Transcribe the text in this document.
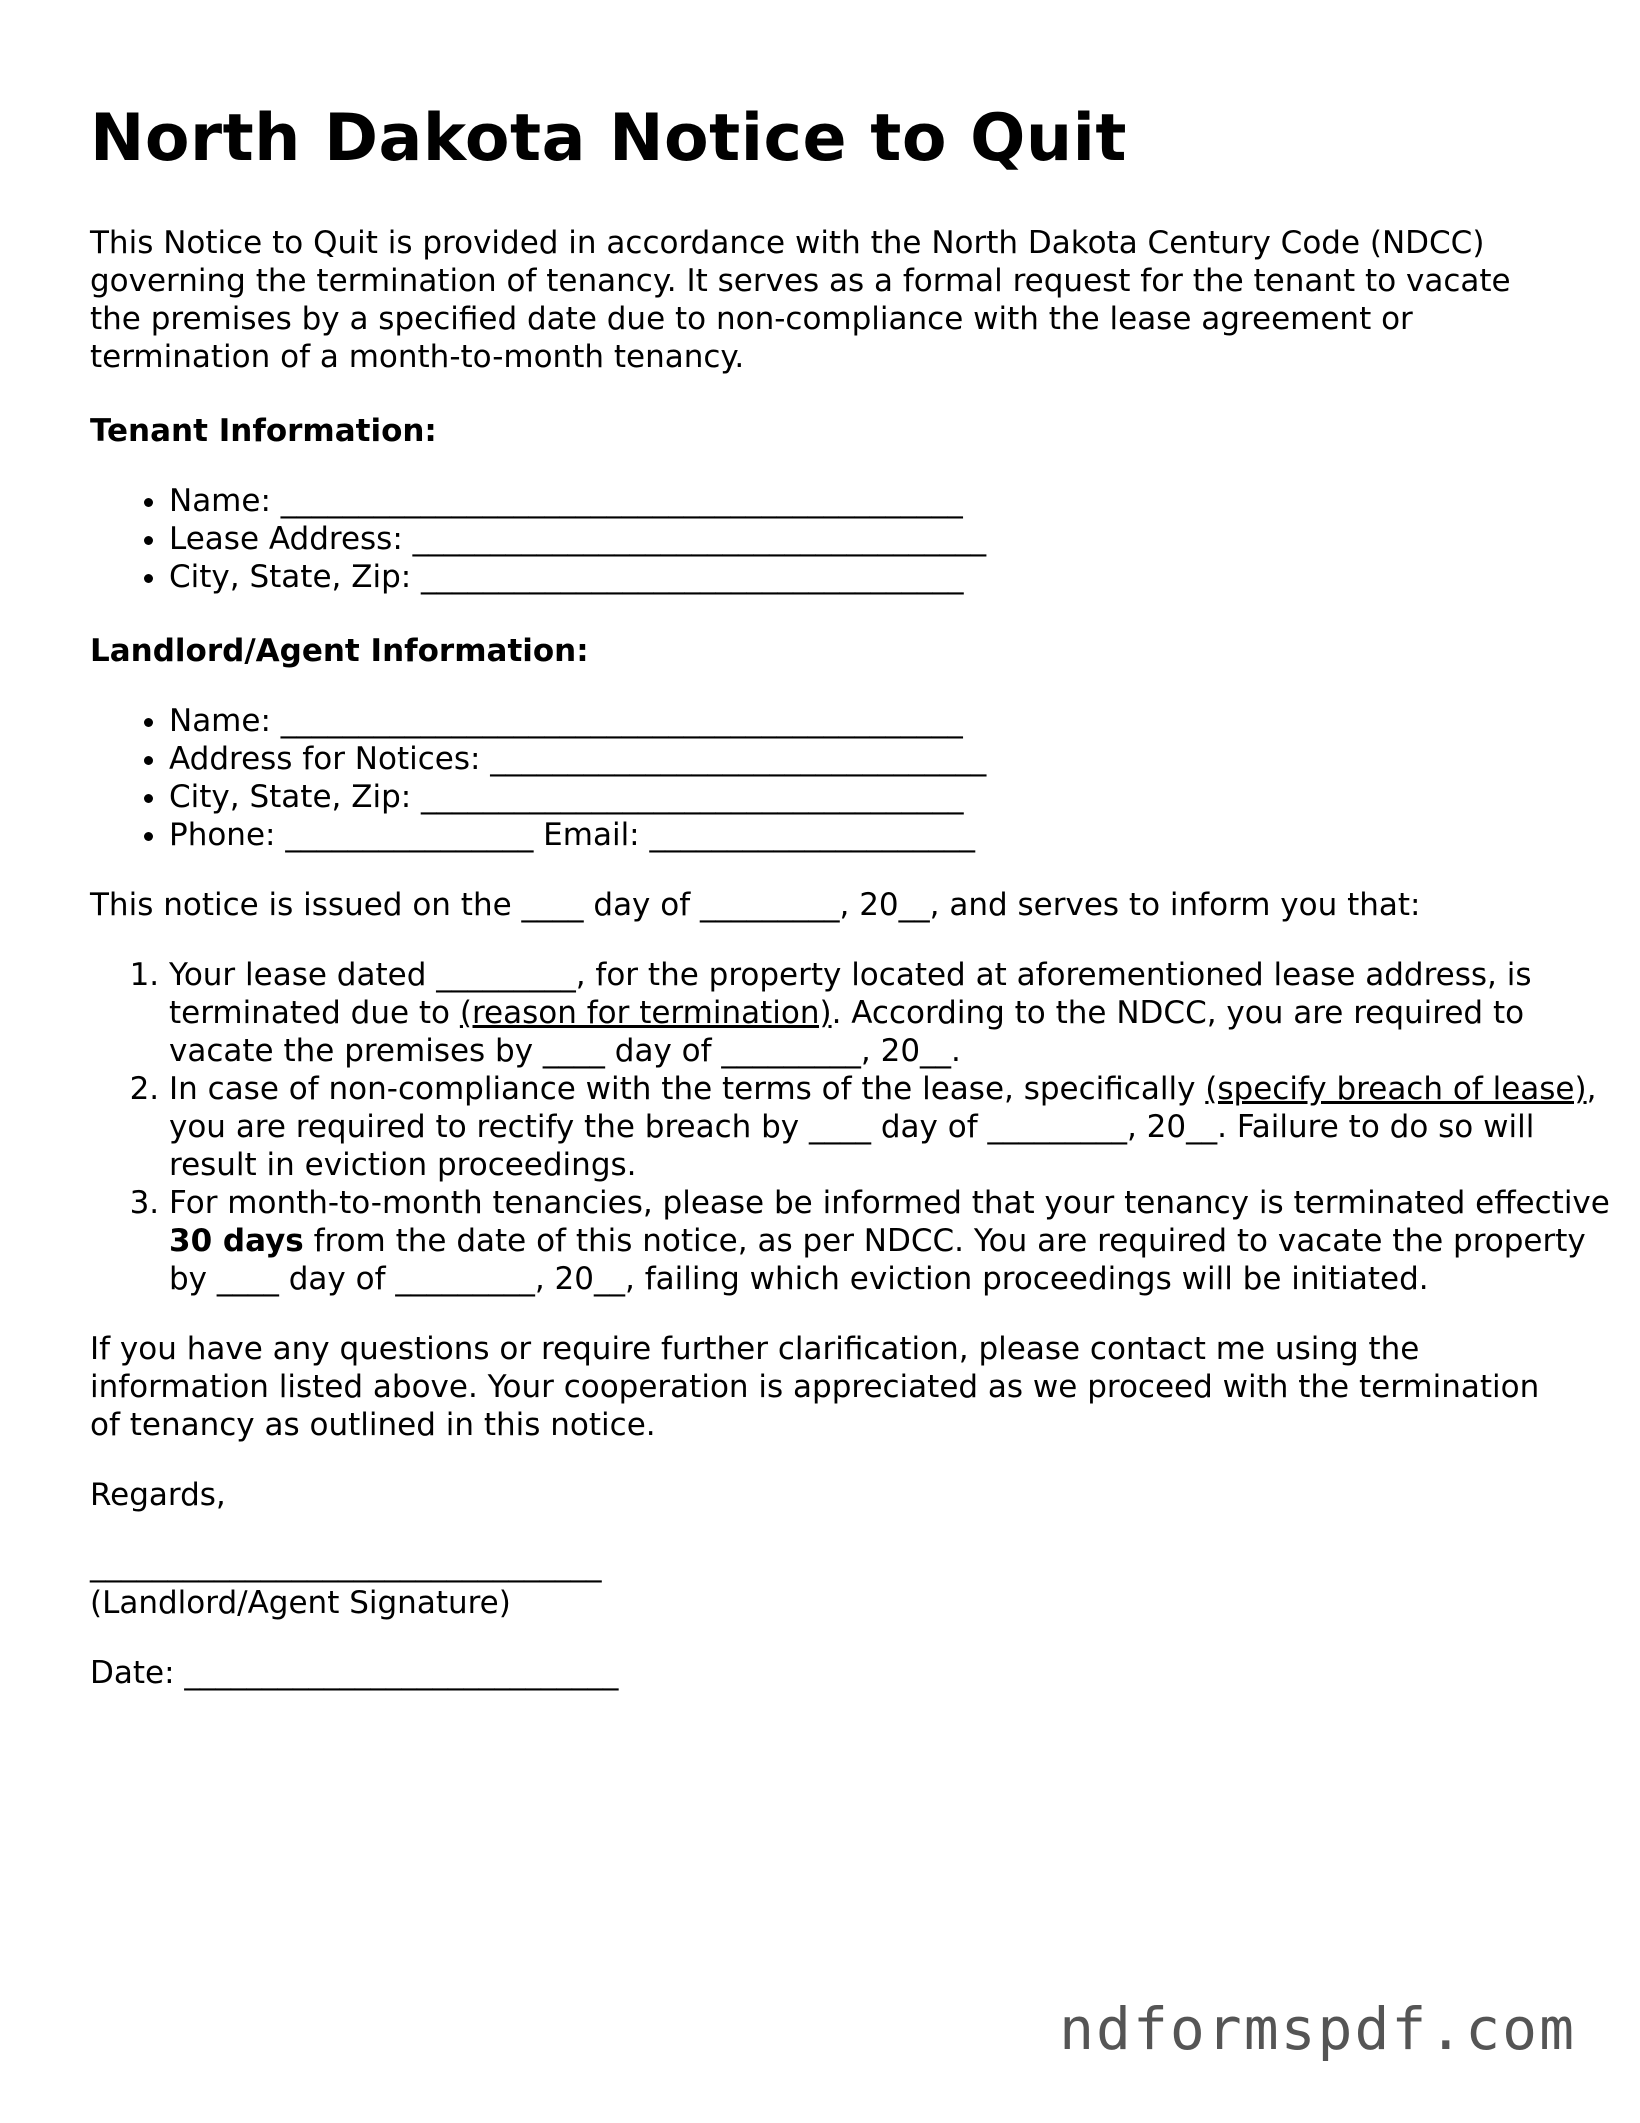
North Dakota Notice to Quit

This Notice to Quit is provided in accordance with the North Dakota Century Code (NDCC) governing the termination of tenancy. It serves as a formal request for the tenant to vacate the premises by a specified date due to non-compliance with the lease agreement or termination of a month-to-month tenancy.

Tenant Information:
• Name: ____________________________________________
• Lease Address: _____________________________________
• City, State, Zip: ___________________________________
Landlord/Agent Information:
• Name: ____________________________________________
• Address for Notices: ________________________________
• City, State, Zip: ___________________________________
• Phone: ________________ Email: _____________________

This notice is issued on the ____ day of _________, 20__, and serves to inform you that:

1. Your lease dated _________, for the property located at aforementioned lease address, is terminated due to (reason for termination). According to the NDCC, you are required to vacate the premises by ____ day of _________, 20__.
2. In case of non-compliance with the terms of the lease, specifically (specify breach of lease), you are required to rectify the breach by ____ day of _________, 20__. Failure to do so will result in eviction proceedings.
3. For month-to-month tenancies, please be informed that your tenancy is terminated effective 30 days from the date of this notice, as per NDCC. You are required to vacate the property by ____ day of _________, 20__, failing which eviction proceedings will be initiated.

If you have any questions or require further clarification, please contact me using the information listed above. Your cooperation is appreciated as we proceed with the termination of tenancy as outlined in this notice.

Regards,

_________________________________
(Landlord/Agent Signature)
Date: ____________________________
ndformspdf.com
